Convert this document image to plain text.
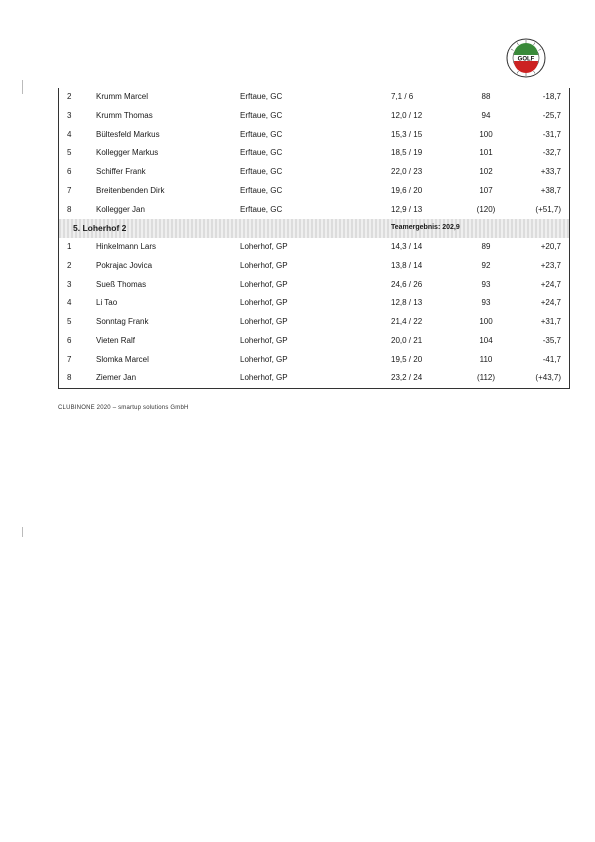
GOLF
2	Krumm Marcel	Erftaue, GC	7,1 / 6	88	-18,7
3	Krumm Thomas	Erftaue, GC	12,0 / 12	94	-25,7
4	Bültesfeld Markus	Erftaue, GC	15,3 / 15	100	-31,7
5	Kollegger Markus	Erftaue, GC	18,5 / 19	101	-32,7
6	Schiffer Frank	Erftaue, GC	22,0 / 23	102	+33,7
7	Breitenbenden Dirk	Erftaue, GC	19,6 / 20	107	+38,7
8	Kollegger Jan	Erftaue, GC	12,9 / 13	(120)	(+51,7)
5. Loherhof 2	Teamergebnis: 202,9
1	Hinkelmann Lars	Loherhof, GP	14,3 / 14	89	+20,7
2	Pokrajac Jovica	Loherhof, GP	13,8 / 14	92	+23,7
3	Sueß Thomas	Loherhof, GP	24,6 / 26	93	+24,7
4	Li Tao	Loherhof, GP	12,8 / 13	93	+24,7
5	Sonntag Frank	Loherhof, GP	21,4 / 22	100	+31,7
6	Vieten Ralf	Loherhof, GP	20,0 / 21	104	-35,7
7	Slomka Marcel	Loherhof, GP	19,5 / 20	110	-41,7
8	Ziemer Jan	Loherhof, GP	23,2 / 24	(112)	(+43,7)
CLUBINONE 2020 – smartup solutions GmbH
